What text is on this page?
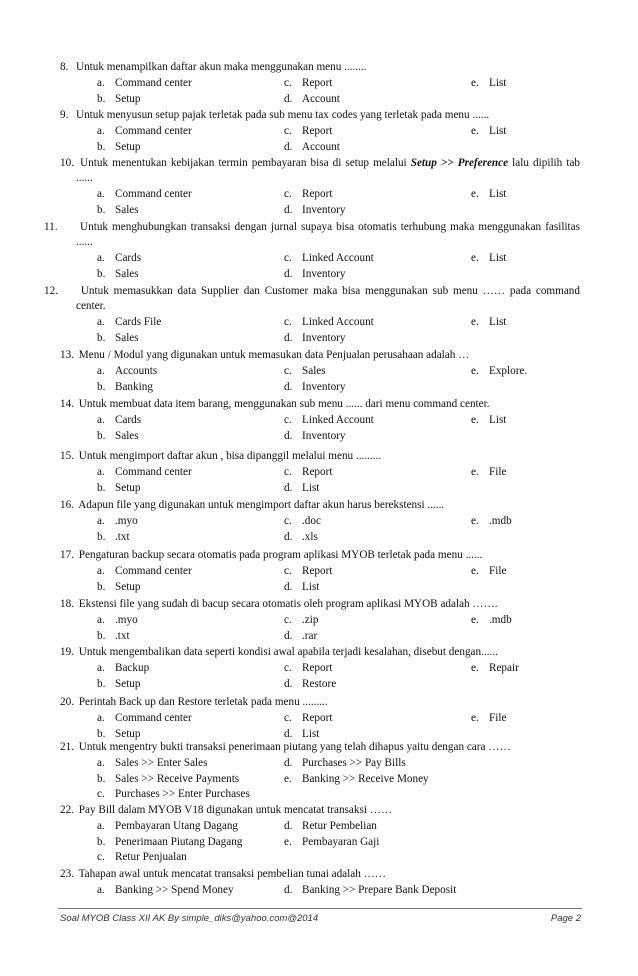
8. Untuk menampilkan daftar akun maka menggunakan menu ........
a. Command center	c. Report	e. List
b. Setup	d. Account
9. Untuk menyusun setup pajak terletak pada sub menu tax codes yang terletak pada menu ......
a. Command center	c. Report	e. List
b. Setup	d. Account
10. Untuk menentukan kebijakan termin pembayaran bisa di setup melalui Setup >> Preference lalu dipilih tab ......
a. Command center	c. Report	e. List
b. Sales	d. Inventory
11. Untuk menghubungkan transaksi dengan jurnal supaya bisa otomatis terhubung maka menggunakan fasilitas ......
a. Cards	c. Linked Account	e. List
b. Sales	d. Inventory
12. Untuk memasukkan data Supplier dan Customer maka bisa menggunakan sub menu …… pada command center.
a. Cards File	c. Linked Account	e. List
b. Sales	d. Inventory
13. Menu / Modul yang digunakan untuk memasukan data Penjualan perusahaan adalah …
a. Accounts	c. Sales	e. Explore.
b. Banking	d. Inventory
14. Untuk membuat data item barang, menggunakan sub menu ...... dari menu command center.
a. Cards	c. Linked Account	e. List
b. Sales	d. Inventory
15. Untuk mengimport daftar akun , bisa dipanggil melalui menu .........
a. Command center	c. Report	e. File
b. Setup	d. List
16. Adapun file yang digunakan untuk mengimport daftar akun harus berekstensi ......
a. .myo	c. .doc	e. .mdb
b. .txt	d. .xls
17. Pengaturan backup secara otomatis pada program aplikasi MYOB terletak pada menu ......
a. Command center	c. Report	e. File
b. Setup	d. List
18. Ekstensi file yang sudah di bacup secara otomatis oleh program aplikasi MYOB adalah …….
a. .myo	c. .zip	e. .mdb
b. .txt	d. .rar
19. Untuk mengembalikan data seperti kondisi awal apabila terjadi kesalahan, disebut dengan......
a. Backup	c. Report	e. Repair
b. Setup	d. Restore
20. Perintah Back up dan Restore terletak pada menu .........
a. Command center	c. Report	e. File
b. Setup	d. List
21. Untuk mengentry bukti transaksi penerimaan piutang yang telah dihapus yaitu dengan cara ……
a. Sales >> Enter Sales	d. Purchases >> Pay Bills
b. Sales >> Receive Payments	e. Banking >> Receive Money
c. Purchases >> Enter Purchases
22. Pay Bill dalam MYOB V18 digunakan untuk mencatat transaksi ……
a. Pembayaran Utang Dagang	d. Retur Pembelian
b. Penerimaan Piutang Dagang	e. Pembayaran Gaji
c. Retur Penjualan
23. Tahapan awal untuk mencatat transaksi pembelian tunai adalah ……
a. Banking >> Spend Money	d. Banking >> Prepare Bank Deposit
Soal MYOB Class XII AK By simple_diks@yahoo.com@2014	Page 2
